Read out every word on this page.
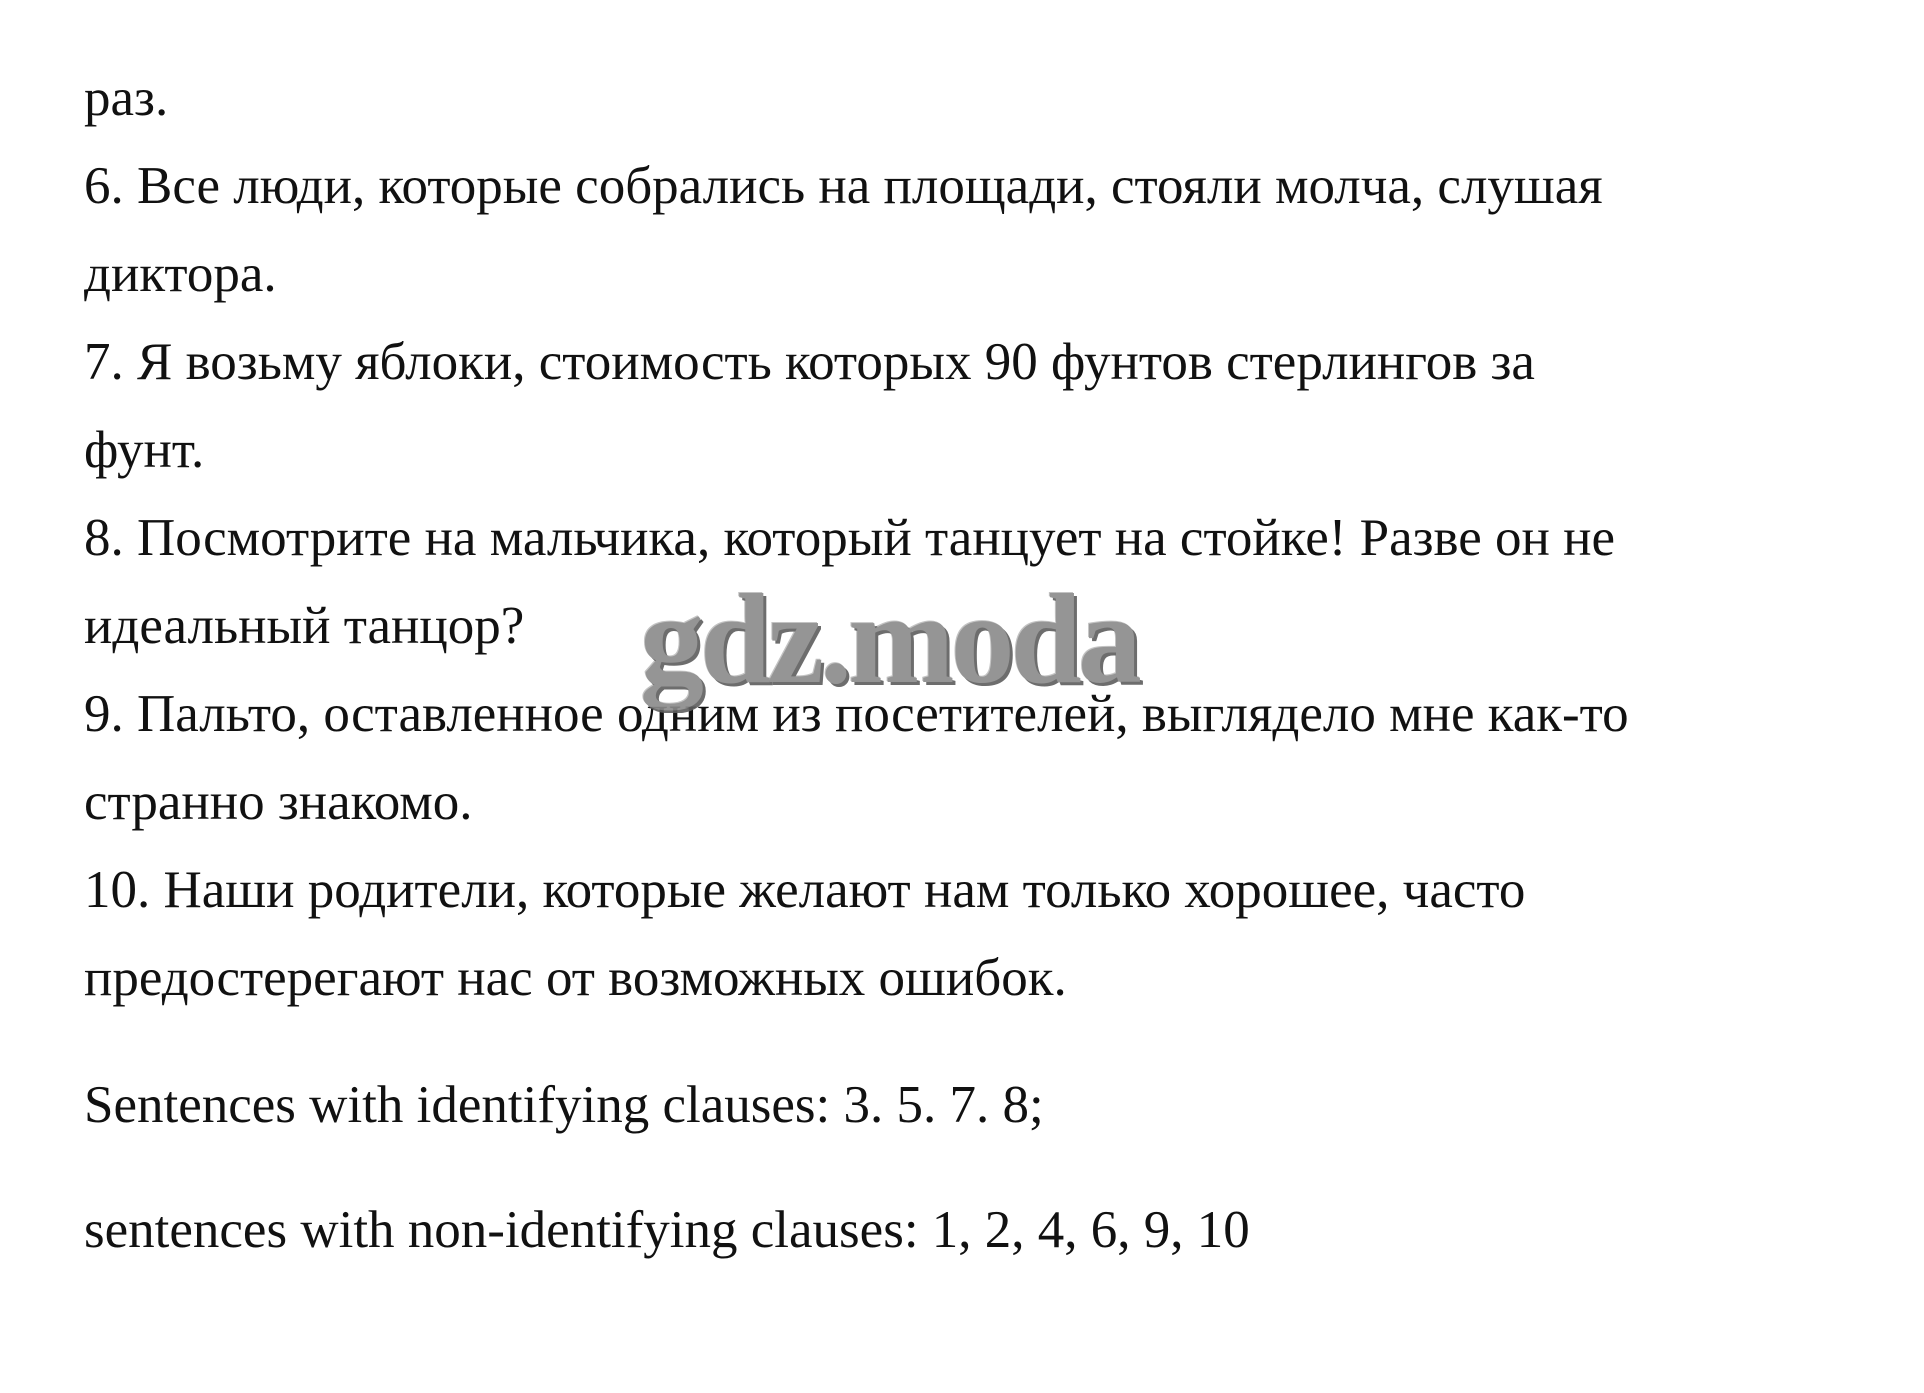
раз.

6. Все люди, которые собрались на площади, стояли молча, слушая

диктора.

7. Я возьму яблоки, стоимость которых 90 фунтов стерлингов за

фунт.

8. Посмотрите на мальчика, который танцует на стойке! Разве он не

идеальный танцор?

9. Пальто, оставленное одним из посетителей, выглядело мне как-то

странно знакомо.

10. Наши родители, которые желают нам только хорошее, часто

предостерегают нас от возможных ошибок.

Sentences with identifying clauses: 3. 5. 7. 8;

sentences with non-identifying clauses: 1, 2, 4, 6, 9, 10

gdz.moda
